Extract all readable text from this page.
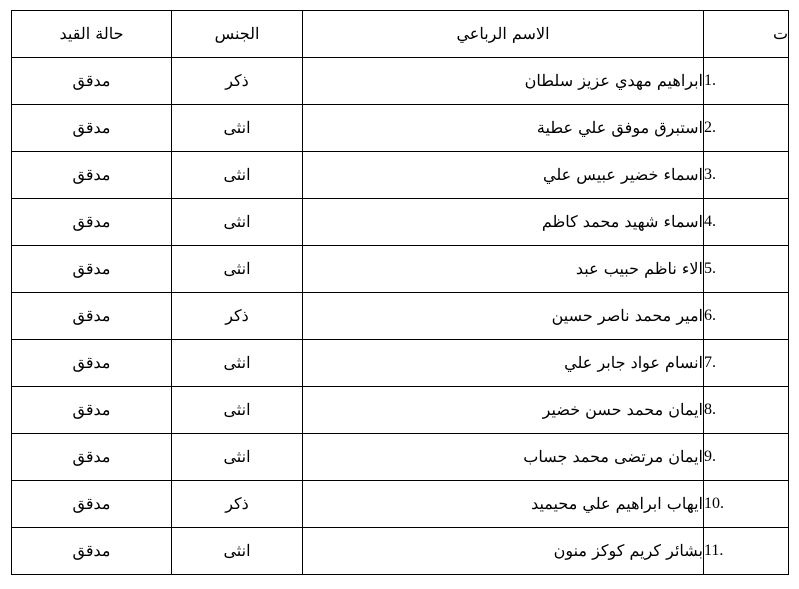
ت	الاسم الرباعي	الجنس	حالة القيد
1.	ابراهيم مهدي عزيز سلطان	ذكر	مدقق
2.	استبرق موفق علي عطية	انثى	مدقق
3.	اسماء خضير عبيس علي	انثى	مدقق
4.	اسماء شهيد محمد كاظم	انثى	مدقق
5.	الاء ناظم حبيب عبد	انثى	مدقق
6.	امير محمد ناصر حسين	ذكر	مدقق
7.	انسام عواد جابر علي	انثى	مدقق
8.	ايمان محمد حسن خضير	انثى	مدقق
9.	ايمان مرتضى محمد جساب	انثى	مدقق
10.	ايهاب ابراهيم علي محيميد	ذكر	مدقق
11.	بشائر كريم كوكز منون	انثى	مدقق
